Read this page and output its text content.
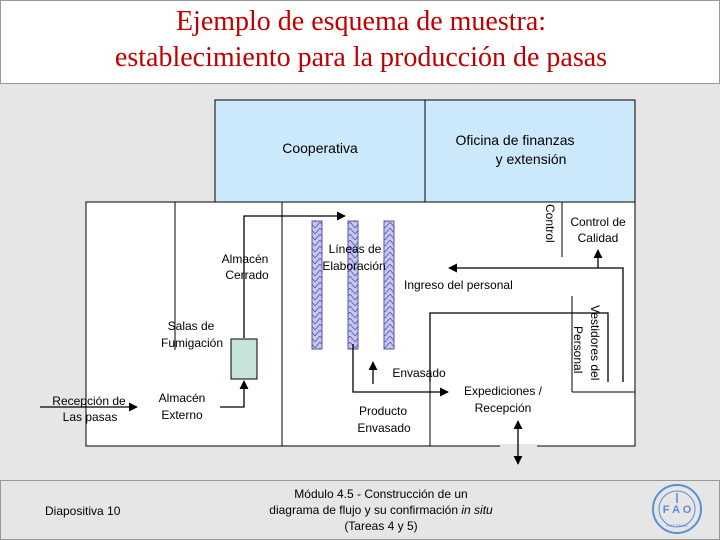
Ejemplo de esquema de muestra:
establecimiento para la producción de pasas
Cooperativa	Oficina de finanzas
y extensión
Control Control de
Calidad
Almacén
Cerrado
Líneas de
Elaboración
Ingreso del personal
Salas de
Fumigación	Vestidores del
Personal
Envasado
Recepción de
Las pasas
Almacén
Externo
Expediciones /
Recepción
Producto
Envasado
Diapositiva 10
Módulo 4.5 - Construcción de un
diagrama de flujo y su confirmación in situ
(Tareas 4 y 5)
F A O
FIAT PANIS
